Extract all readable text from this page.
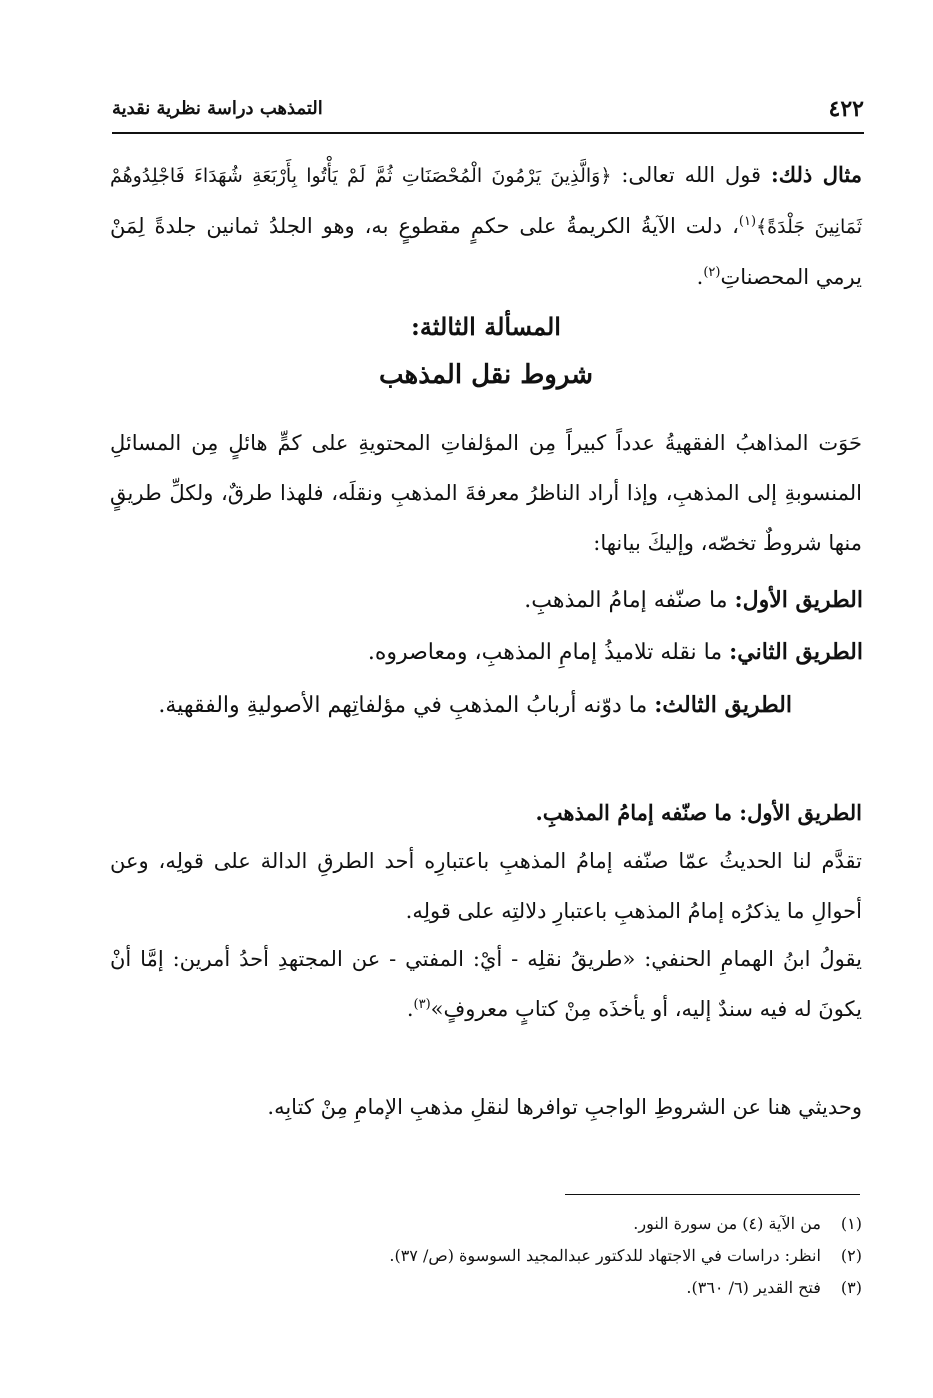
٤٢٢
التمذهب دراسة نظرية نقدية
مثال ذلك: قول الله تعالى: ﴿وَالَّذِينَ يَرْمُونَ الْمُحْصَنَاتِ ثُمَّ لَمْ يَأْتُوا بِأَرْبَعَةِ شُهَدَاءَ فَاجْلِدُوهُمْ ثَمَانِينَ جَلْدَةً﴾$^{(١)}$، دلت الآيةُ الكريمةُ على حكمٍ مقطوعٍ به، وهو الجلدُ ثمانين جلدةً لِمَنْ يرمي المحصناتِ$^{(٢)}$.
المسألة الثالثة:
شروط نقل المذهب
حَوَت المذاهبُ الفقهيةُ عدداً كبيراً مِن المؤلفاتِ المحتويةِ على كمٍّ هائلٍ مِن المسائلِ المنسوبةِ إلى المذهبِ، وإذا أراد الناظرُ معرفةَ المذهبِ ونقلَه، فلهذا طرقٌ، ولكلِّ طريقٍ منها شروطٌ تخصّه، وإليكَ بيانها:
الطريق الأول: ما صنّفه إمامُ المذهبِ.
الطريق الثاني: ما نقله تلاميذُ إمامِ المذهبِ، ومعاصروه.
الطريق الثالث: ما دوّنه أربابُ المذهبِ في مؤلفاتِهم الأصوليةِ والفقهية.
الطريق الأول: ما صنّفه إمامُ المذهبِ.
تقدَّم لنا الحديثُ عمّا صنّفه إمامُ المذهبِ باعتبارِه أحد الطرقِ الدالة على قولِه، وعن أحوالِ ما يذكرُه إمامُ المذهبِ باعتبارِ دلالتِه على قولِه.
يقولُ ابنُ الهمامِ الحنفي: «طريقُ نقلِه - أيْ: المفتي - عن المجتهدِ أحدُ أمرين: إمَّا أنْ يكونَ له فيه سندٌ إليه، أو يأخذَه مِنْ كتابٍ معروفٍ»$^{(٣)}$.
وحديثي هنا عن الشروطِ الواجبِ توافرها لنقلِ مذهبِ الإمامِ مِنْ كتابِه.
(١) من الآية (٤) من سورة النور.
(٢) انظر: دراسات في الاجتهاد للدكتور عبدالمجيد السوسوة (ص/ ٣٧).
(٣) فتح القدير (٦/ ٣٦٠).
